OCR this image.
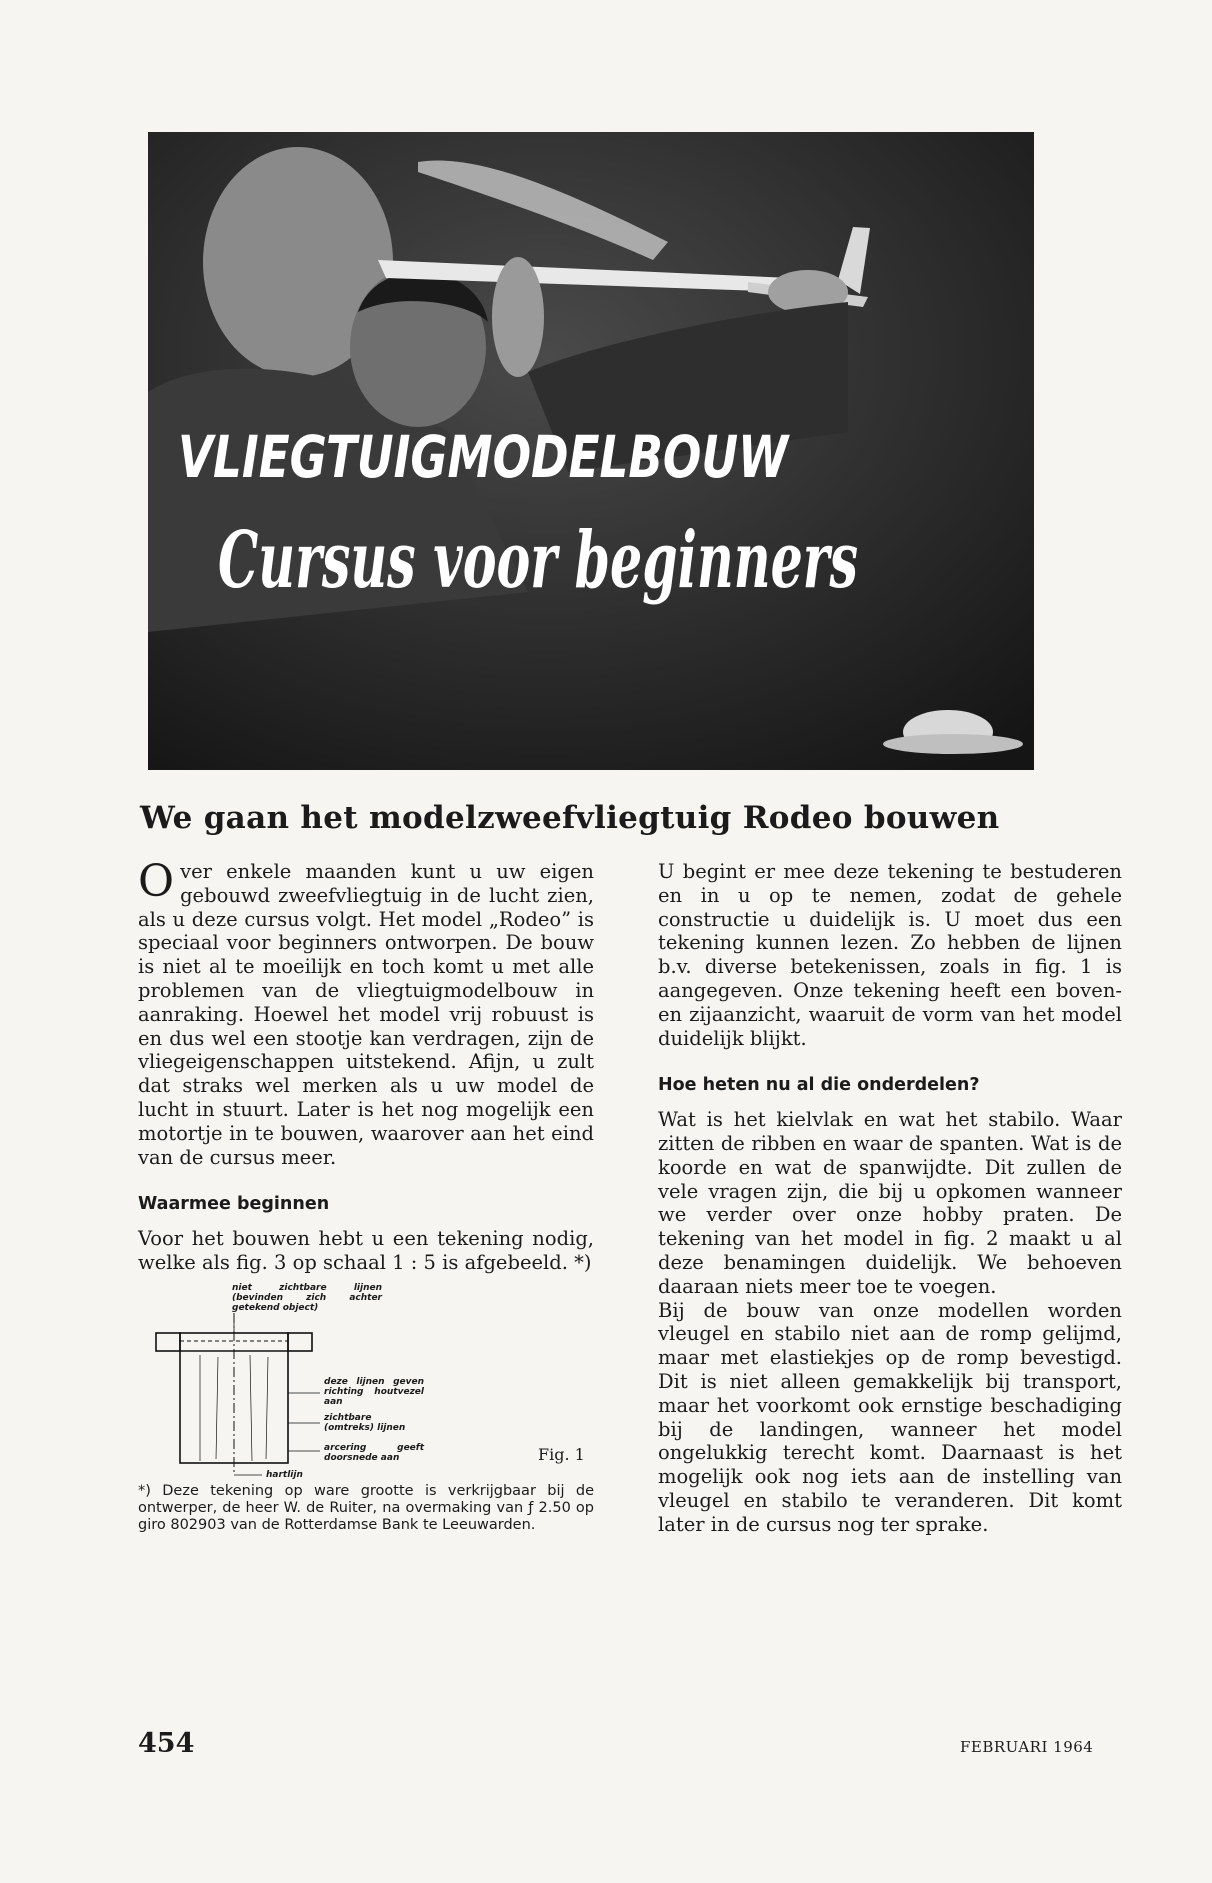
VLIEGTUIGMODELBOUW
Cursus voor beginners
We gaan het modelzweefvliegtuig Rodeo bouwen

Over enkele maanden kunt u uw eigen gebouwd zweefvliegtuig in de lucht zien, als u deze cursus volgt. Het model „Rodeo” is speciaal voor beginners ontworpen. De bouw is niet al te moeilijk en toch komt u met alle problemen van de vliegtuigmodelbouw in aanraking. Hoewel het model vrij robuust is en dus wel een stootje kan verdragen, zijn de vliegeigenschappen uitstekend. Afijn, u zult dat straks wel merken als u uw model de lucht in stuurt. Later is het nog mogelijk een motortje in te bouwen, waarover aan het eind van de cursus meer.

Waarmee beginnen

Voor het bouwen hebt u een tekening nodig, welke als fig. 3 op schaal 1 : 5 is afgebeeld. *)

niet zichtbare lijnen (bevinden zich achter getekend object)
deze lijnen geven richting houtvezel aan
zichtbare (omtreks) lijnen
arcering geeft doorsnede aan
hartlijn
Fig. 1

*) Deze tekening op ware grootte is verkrijgbaar bij de ontwerper, de heer W. de Ruiter, na overmaking van ƒ 2.50 op giro 802903 van de Rotterdamse Bank te Leeuwarden.

U begint er mee deze tekening te bestuderen en in u op te nemen, zodat de gehele constructie u duidelijk is. U moet dus een tekening kunnen lezen. Zo hebben de lijnen b.v. diverse betekenissen, zoals in fig. 1 is aangegeven. Onze tekening heeft een boven- en zijaanzicht, waaruit de vorm van het model duidelijk blijkt.

Hoe heten nu al die onderdelen?

Wat is het kielvlak en wat het stabilo. Waar zitten de ribben en waar de spanten. Wat is de koorde en wat de spanwijdte. Dit zullen de vele vragen zijn, die bij u opkomen wanneer we verder over onze hobby praten. De tekening van het model in fig. 2 maakt u al deze benamingen duidelijk. We behoeven daaraan niets meer toe te voegen.

Bij de bouw van onze modellen worden vleugel en stabilo niet aan de romp gelijmd, maar met elastiekjes op de romp bevestigd. Dit is niet alleen gemakkelijk bij transport, maar het voorkomt ook ernstige beschadiging bij de landingen, wanneer het model ongelukkig terecht komt. Daarnaast is het mogelijk ook nog iets aan de instelling van vleugel en stabilo te veranderen. Dit komt later in de cursus nog ter sprake.

454	FEBRUARI 1964
